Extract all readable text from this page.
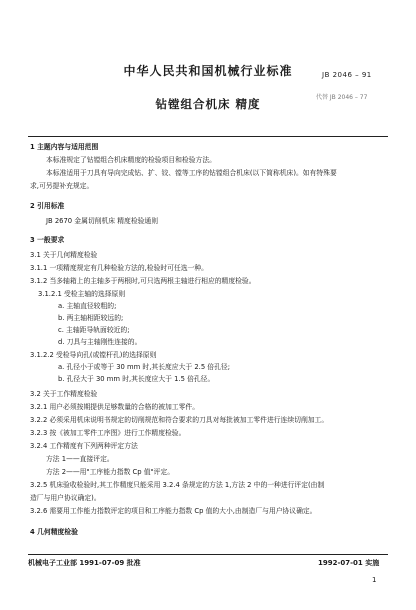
中华人民共和国机械行业标准	JB 2046 – 91
钻镗组合机床 精度	代替 JB 2046 – 77
1 主题内容与适用范围
本标准规定了钻镗组合机床精度的检验项目和检验方法。
本标准适用于刀具有导向完成钻、扩、铰、镗等工序的钻镗组合机床(以下简称机床)。如有特殊要
求,可另提补充规定。
2 引用标准
JB 2670 金属切削机床 精度检验通则
3 一般要求
3.1 关于几何精度检验
3.1.1 一项精度规定有几种检验方法的,检验时可任选一种。
3.1.2 当多轴箱上的主轴多于两根时,可只选两根主轴进行相应的精度检验。
3.1.2.1 受检主轴的选择原则
a. 主轴直径较粗的;
b. 两主轴相距较远的;
c. 主轴距导轨面较近的;
d. 刀具与主轴刚性连接的。
3.1.2.2 受检导向孔(或镗杆孔)的选择原则
a. 孔径小于或等于 30 mm 时,其长度应大于 2.5 倍孔径;
b. 孔径大于 30 mm 时,其长度应大于 1.5 倍孔径。
3.2 关于工作精度检验
3.2.1 用户必须按期提供足够数量的合格的被加工零件。
3.2.2 必须采用机床说明书规定的切削规范和符合要求的刀具对每批被加工零件进行连续切削加工。
3.2.3 按《被加工零件工序图》进行工作精度检验。
3.2.4 工作精度有下列两种评定方法
方法 1——直接评定。
方法 2——用"工序能力指数 Cp 值"评定。
3.2.5 机床验收检验时,其工作精度只能采用 3.2.4 条规定的方法 1,方法 2 中的一种进行评定(由制
造厂与用户协议确定)。
3.2.6 需要用工作能力指数评定的项目和工序能力指数 Cp 值的大小,由制造厂与用户协议确定。
4 几何精度检验
机械电子工业部 1991-07-09 批准	1992-07-01 实施
1
